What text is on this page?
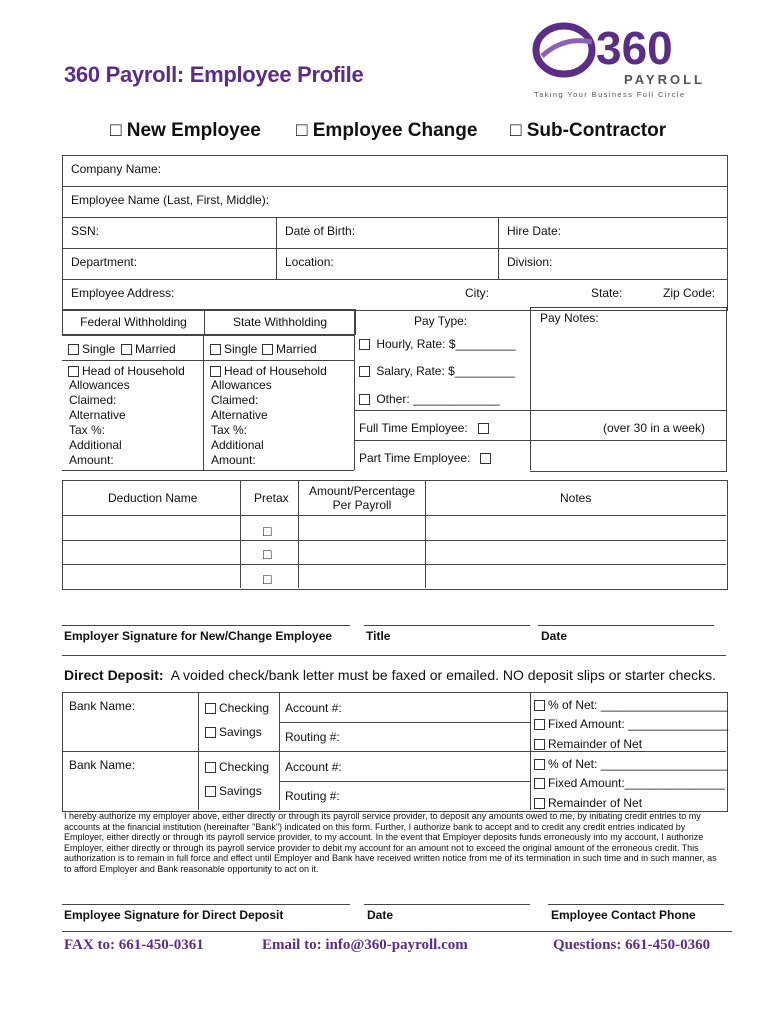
360 Payroll: Employee Profile
360
PAYROLL
Taking Your Business Full Circle
□ New Employee □ Employee Change □ Sub-Contractor
Company Name:
Employee Name (Last, First, Middle):
SSN:	Date of Birth:	Hire Date:
Department:	Location:	Division:
Employee Address:	City:	State:	Zip Code:
Federal Withholding	State Withholding
Single	Married	Single	Married
Head of Household	Head of Household
Allowances Claimed:
Alternative Tax %:
Additional Amount:
Allowances Claimed:
Alternative Tax %:
Additional Amount:
Pay Type:	Pay Notes:
Hourly, Rate: $_________
Salary, Rate: $_________
Other: _____________
Full Time Employee:	(over 30 in a week)
Part Time Employee:
Deduction Name	Pretax	Amount/Percentage Per Payroll	Notes
□
□
□
Employer Signature for New/Change Employee	Title	Date
Direct Deposit: A voided check/bank letter must be faxed or emailed. NO deposit slips or starter checks.
Bank Name:	Checking
Savings
Account #:
Routing #:
% of Net: ___________________
Fixed Amount: _______________
Remainder of Net
Bank Name:	Checking
Savings
Account #:
Routing #:
% of Net: ___________________
Fixed Amount:_______________
Remainder of Net
I hereby authorize my employer above, either directly or through its payroll service provider, to deposit any amounts owed to me, by initiating credit entries to my accounts at the financial institution (hereinafter "Bank") indicated on this form. Further, I authorize bank to accept and to credit any credit entries indicated by Employer, either directly or through its payroll service provider, to my account. In the event that Employer deposits funds erroneously into my account, I authorize Employer, either directly or through its payroll service provider to debit my account for an amount not to exceed the original amount of the erroneous credit. This authorization is to remain in full force and effect until Employer and Bank have received written notice from me of its termination in such time and in such manner, as to afford Employer and Bank reasonable opportunity to act on it.
Employee Signature for Direct Deposit	Date	Employee Contact Phone
FAX to: 661-450-0361	Email to: info@360-payroll.com	Questions: 661-450-0360
